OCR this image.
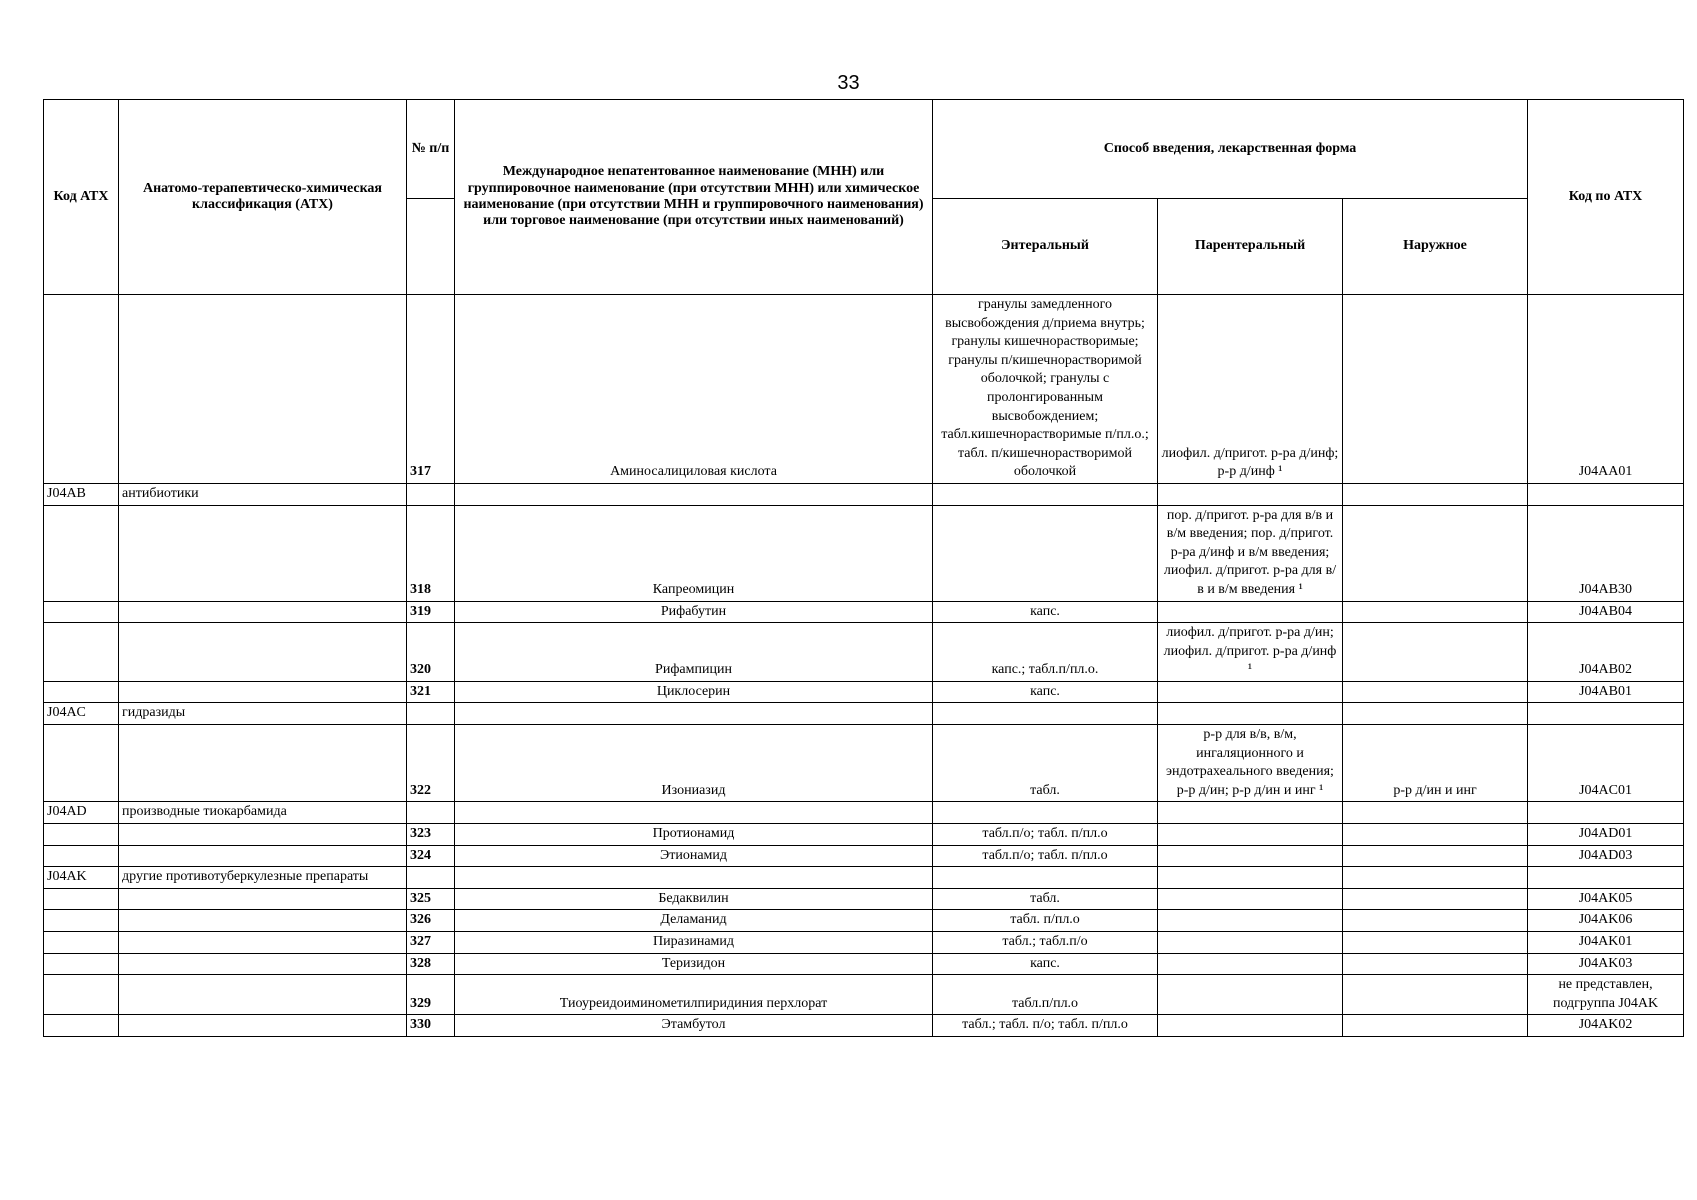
33
Код АТХ	Анатомо-терапевтическо-химическая классификация (АТХ)	№ п/п	Международное непатентованное наименование (МНН) или группировочное наименование (при отсутствии МНН) или химическое наименование (при отсутствии МНН и группировочного наименования) или торговое наименование (при отсутствии иных наименований)	Способ введения, лекарственная форма			Код по АТХ
				Энтеральный	Парентеральный	Наружное	
		317	Аминосалициловая кислота	гранулы замедленного высвобождения д/приема внутрь; гранулы кишечнорастворимые; гранулы п/кишечнорастворимой оболочкой; гранулы с пролонгированным высвобождением; табл.кишечнорастворимые п/пл.о.; табл. п/кишечнорастворимой оболочкой	лиофил. д/пригот. р-ра д/инф; р-р д/инф ¹		J04AA01
J04AB	антибиотики						
		318	Капреомицин		пор. д/пригот. р-ра для в/в и в/м введения; пор. д/пригот. р-ра д/инф и в/м введения; лиофил. д/пригот. р-ра для в/в и в/м введения ¹		J04AB30
		319	Рифабутин	капс.			J04AB04
		320	Рифампицин	капс.; табл.п/пл.о.	лиофил. д/пригот. р-ра д/ин; лиофил. д/пригот. р-ра д/инф ¹		J04AB02
		321	Циклосерин	капс.			J04AB01
J04AC	гидразиды						
		322	Изониазид	табл.	р-р для в/в, в/м, ингаляционного и эндотрахеального введения; р-р д/ин; р-р д/ин и инг ¹	р-р д/ин и инг	J04AC01
J04AD	производные тиокарбамида						
		323	Протионамид	табл.п/о; табл. п/пл.о			J04AD01
		324	Этионамид	табл.п/о; табл. п/пл.о			J04AD03
J04AK	другие противотуберкулезные препараты						
		325	Бедаквилин	табл.			J04AK05
		326	Деламанид	табл. п/пл.о			J04AK06
		327	Пиразинамид	табл.; табл.п/о			J04AK01
		328	Теризидон	капс.			J04AK03
		329	Тиоуреидоиминометилпиридиния перхлорат	табл.п/пл.о			не представлен, подгруппа J04AK
		330	Этамбутол	табл.; табл. п/о; табл. п/пл.о			J04AK02
